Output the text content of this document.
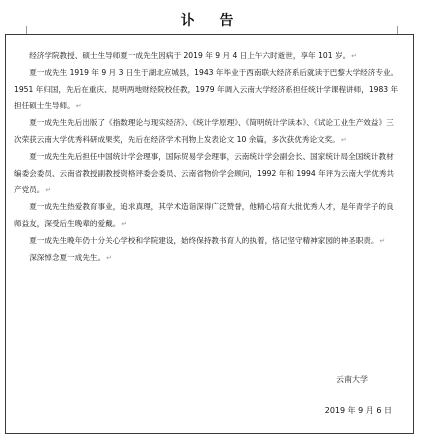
讣 告

经济学院教授、硕士生导师夏一成先生因病于 2019 年 9 月 4 日上午六时逝世，享年 101 岁。↵

夏一成先生 1919 年 9 月 3 日生于湖北应城县，1943 年毕业于西南联大经济系后就读于巴黎大学经济专业。1951 年归国，先后在重庆、昆明两地财经院校任教，1979 年调入云南大学经济系担任统计学课程讲师，1983 年担任硕士生导师。↵

夏一成先生先后出版了《指数理论与现实经济》、《统计学原理》、《简明统计学读本》、《试论工业生产效益》三次荣获云南大学优秀科研成果奖，先后在经济学术刊物上发表论文 10 余篇，多次获优秀论文奖。↵

夏一成先生先后担任中国统计学会理事，国际贸易学会理事，云南统计学会副会长、国家统计局全国统计教材编委会委员、云南省教授副教授资格评委会委员、云南省物价学会顾问，1992 年和 1994 年评为云南大学优秀共产党员。↵

夏一成先生热爱教育事业，追求真理，其学术造诣深得广泛赞誉，他精心培育大批优秀人才，是年青学子的良师益友，深受后生晚辈的爱戴。↵

夏一成先生晚年仍十分关心学校和学院建设，始终保持教书育人的执着，恪记坚守精神家园的神圣职责。↵

深深悼念夏一成先生。↵

云南大学
2019 年 9 月 6 日
